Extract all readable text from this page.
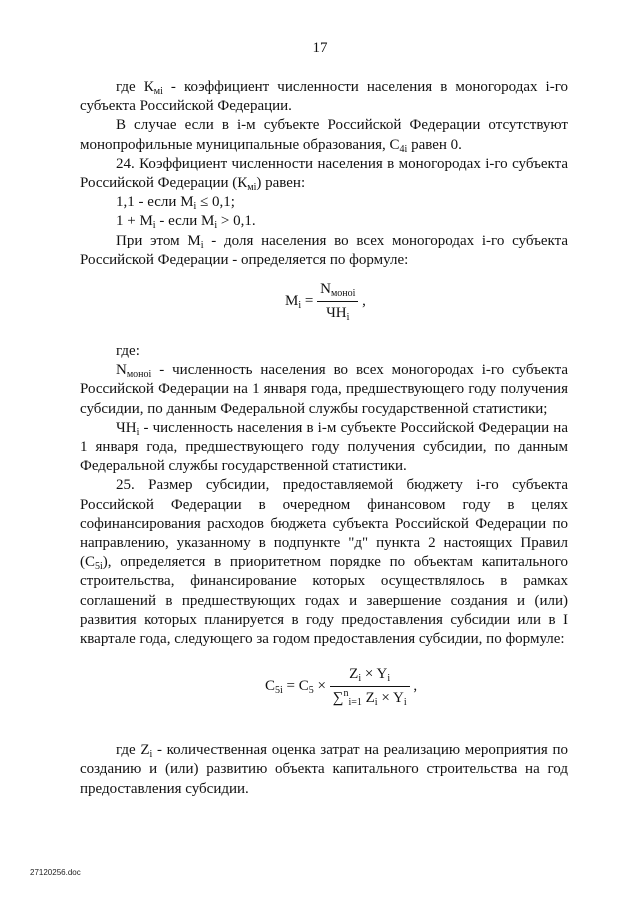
17

где $К_{мi}$ - коэффициент численности населения в моногородах i-го субъекта Российской Федерации.

В случае если в i-м субъекте Российской Федерации отсутствуют монопрофильные муниципальные образования, $С_{4i}$ равен 0.

24. Коэффициент численности населения в моногородах i-го субъекта Российской Федерации $(К_{мi})$ равен:

1,1 - если $М_i \le 0,1$;

$1 + М_i$ - если $М_i > 0,1$.

При этом $М_i$ - доля населения во всех моногородах i-го субъекта Российской Федерации - определяется по формуле:

$М_i = \frac{N_{монoi}}{ЧН_i}$ ,

где:

$N_{монoi}$ - численность населения во всех моногородах i-го субъекта Российской Федерации на 1 января года, предшествующего году получения субсидии, по данным Федеральной службы государственной статистики;

$ЧН_i$ - численность населения в i-м субъекте Российской Федерации на 1 января года, предшествующего году получения субсидии, по данным Федеральной службы государственной статистики.

25. Размер субсидии, предоставляемой бюджету i-го субъекта Российской Федерации в очередном финансовом году в целях софинансирования расходов бюджета субъекта Российской Федерации по направлению, указанному в подпункте "д" пункта 2 настоящих Правил $(С_{5i})$, определяется в приоритетном порядке по объектам капитального строительства, финансирование которых осуществлялось в рамках соглашений в предшествующих годах и завершение создания и (или) развития которых планируется в году предоставления субсидии или в I квартале года, следующего за годом предоставления субсидии, по формуле:

$С_{5i} = С_5 \times \frac{Z_i \times Y_i}{\sum^n_{i=1} Z_i \times Y_i}$ ,

где $Z_i$ - количественная оценка затрат на реализацию мероприятия по созданию и (или) развитию объекта капитального строительства на год предоставления субсидии.

27120256.doc
